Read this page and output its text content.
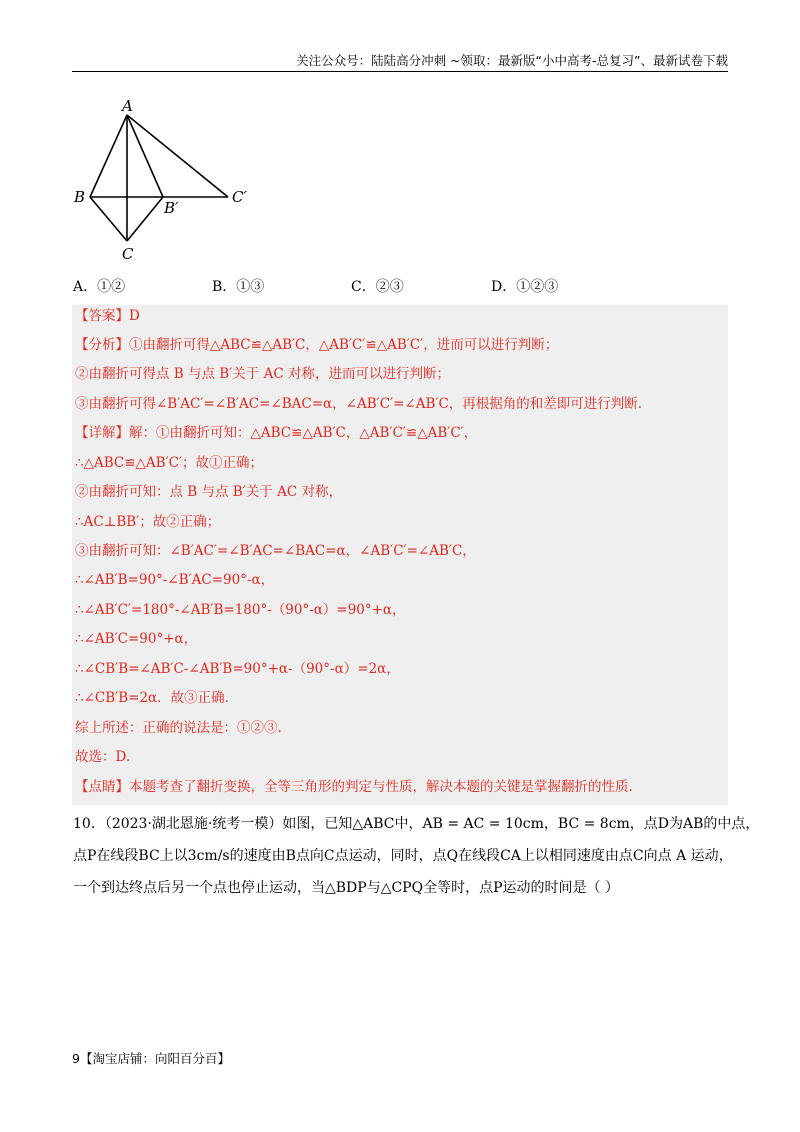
关注公众号：陆陆高分冲刺 ~领取：最新版“小中高考-总复习”、最新试卷下载
A
B
B′
C
C′
A．①②	B．①③	C．②③	D．①②③
【答案】D
【分析】①由翻折可得△ABC≌△AB′C，△AB′C′≌△AB′C′，进而可以进行判断；
②由翻折可得点 B 与点 B′关于 AC 对称，进而可以进行判断；
③由翻折可得∠B′AC′=∠B′AC=∠BAC=α，∠AB′C′=∠AB′C，再根据角的和差即可进行判断.
【详解】解：①由翻折可知：△ABC≌△AB′C，△AB′C′≌△AB′C′，
∴△ABC≌△AB′C′；故①正确；
②由翻折可知：点 B 与点 B′关于 AC 对称，
∴AC⊥BB′；故②正确；
③由翻折可知：∠B′AC′=∠B′AC=∠BAC=α，∠AB′C′=∠AB′C，
∴∠AB′B=90°-∠B′AC=90°-α，
∴∠AB′C′=180°-∠AB′B=180°-（90°-α）=90°+α，
∴∠AB′C=90°+α，
∴∠CB′B=∠AB′C-∠AB′B=90°+α-（90°-α）=2α，
∴∠CB′B=2α．故③正确．
综上所述：正确的说法是：①②③.
故选：D.
【点睛】本题考查了翻折变换，全等三角形的判定与性质，解决本题的关键是掌握翻折的性质.
10．（2023·湖北恩施·统考一模）如图，已知△ABC中，AB = AC = 10cm，BC = 8cm，点D为AB的中点，
点P在线段BC上以3cm/s的速度由B点向C点运动，同时，点Q在线段CA上以相同速度由点C向点 A 运动，
一个到达终点后另一个点也停止运动，当△BDP与△CPQ全等时，点P运动的时间是（ ）
9【淘宝店铺：向阳百分百】
